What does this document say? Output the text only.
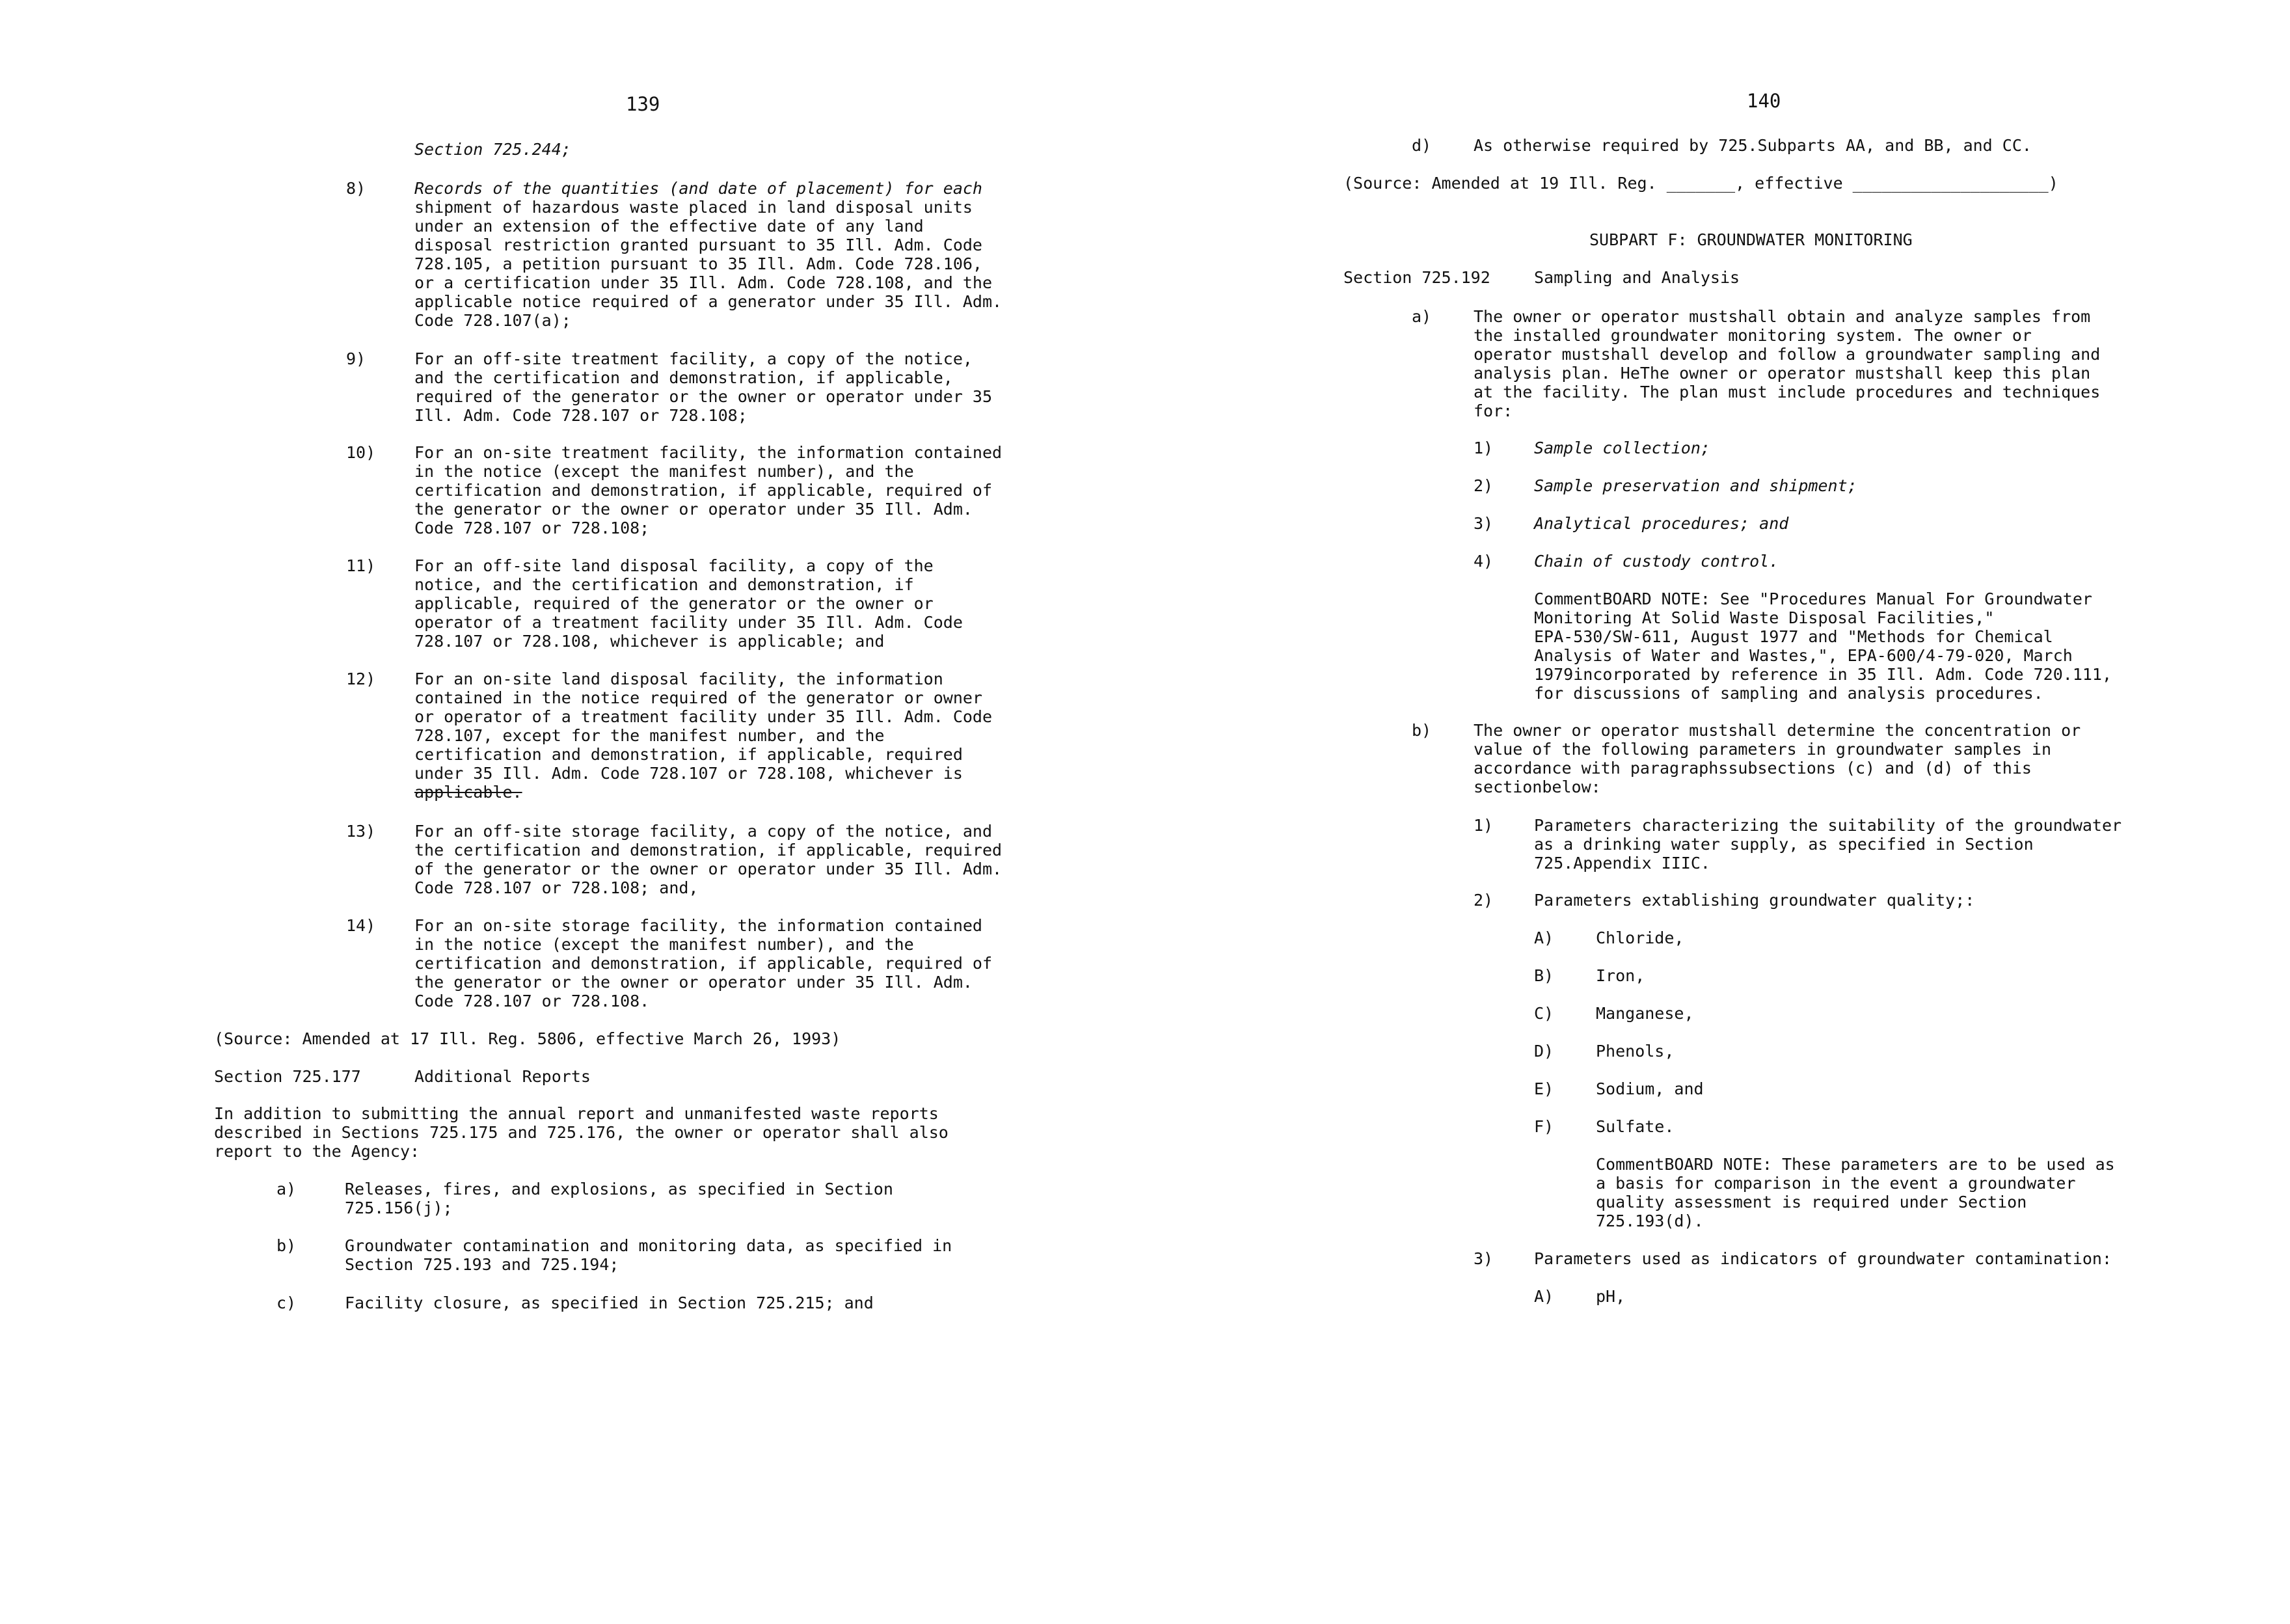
139
Section 725.244;
8)	Records of the quantities (and date of placement) for each
shipment of hazardous waste placed in land disposal units
under an extension of the effective date of any land
disposal restriction granted pursuant to 35 Ill. Adm. Code
728.105, a petition pursuant to 35 Ill. Adm. Code 728.106,
or a certification under 35 Ill. Adm. Code 728.108, and the
applicable notice required of a generator under 35 Ill. Adm.
Code 728.107(a);
9)	For an off-site treatment facility, a copy of the notice,
and the certification and demonstration, if applicable,
required of the generator or the owner or operator under 35
Ill. Adm. Code 728.107 or 728.108;
10) For an on-site treatment facility, the information contained
in the notice (except the manifest number), and the
certification and demonstration, if applicable, required of
the generator or the owner or operator under 35 Ill. Adm.
Code 728.107 or 728.108;
11) For an off-site land disposal facility, a copy of the
notice, and the certification and demonstration, if
applicable, required of the generator or the owner or
operator of a treatment facility under 35 Ill. Adm. Code
728.107 or 728.108, whichever is applicable; and
12) For an on-site land disposal facility, the information
contained in the notice required of the generator or owner
or operator of a treatment facility under 35 Ill. Adm. Code
728.107, except for the manifest number, and the
certification and demonstration, if applicable, required
under 35 Ill. Adm. Code 728.107 or 728.108, whichever is
applicable.
13) For an off-site storage facility, a copy of the notice, and
the certification and demonstration, if applicable, required
of the generator or the owner or operator under 35 Ill. Adm.
Code 728.107 or 728.108; and,
14) For an on-site storage facility, the information contained
in the notice (except the manifest number), and the
certification and demonstration, if applicable, required of
the generator or the owner or operator under 35 Ill. Adm.
Code 728.107 or 728.108.
(Source: Amended at 17 Ill. Reg. 5806, effective March 26, 1993)
Section 725.177	Additional Reports
In addition to submitting the annual report and unmanifested waste reports
described in Sections 725.175 and 725.176, the owner or operator shall also
report to the Agency:
a)	Releases, fires, and explosions, as specified in Section
725.156(j);
b)	Groundwater contamination and monitoring data, as specified in
Section 725.193 and 725.194;
c)	Facility closure, as specified in Section 725.215; and
140
d)	As otherwise required by 725.Subparts AA, and BB, and CC.
(Source: Amended at 19 Ill. Reg. _______, effective ____________________)
SUBPART F: GROUNDWATER MONITORING
Section 725.192	Sampling and Analysis
a)	The owner or operator mustshall obtain and analyze samples from
the installed groundwater monitoring system. The owner or
operator mustshall develop and follow a groundwater sampling and
analysis plan. HeThe owner or operator mustshall keep this plan
at the facility. The plan must include procedures and techniques
for:
1)	Sample collection;
2)	Sample preservation and shipment;
3)	Analytical procedures; and
4)	Chain of custody control.
CommentBOARD NOTE: See "Procedures Manual For Groundwater
Monitoring At Solid Waste Disposal Facilities,"
EPA-530/SW-611, August 1977 and "Methods for Chemical
Analysis of Water and Wastes,", EPA-600/4-79-020, March
1979incorporated by reference in 35 Ill. Adm. Code 720.111,
for discussions of sampling and analysis procedures.
b)	The owner or operator mustshall determine the concentration or
value of the following parameters in groundwater samples in
accordance with paragraphssubsections (c) and (d) of this
sectionbelow:
1)	Parameters characterizing the suitability of the groundwater
as a drinking water supply, as specified in Section
725.Appendix IIIC.
2)	Parameters extablishing groundwater quality;:
A)	Chloride,
B)	Iron,
C)	Manganese,
D)	Phenols,
E)	Sodium, and
F)	Sulfate.
CommentBOARD NOTE: These parameters are to be used as
a basis for comparison in the event a groundwater
quality assessment is required under Section
725.193(d).
3)	Parameters used as indicators of groundwater contamination:
A)	pH,
